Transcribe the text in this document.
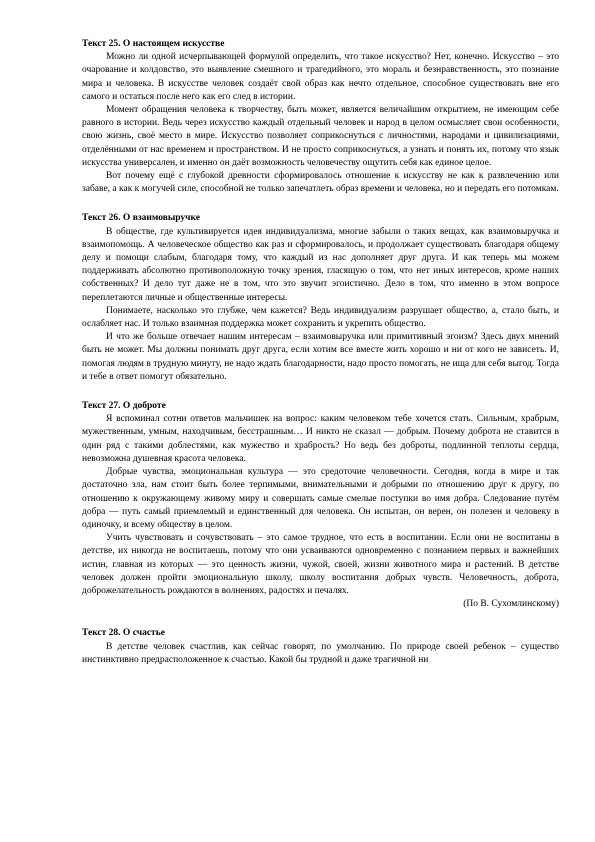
Текст 25. О настоящем искусстве

Можно ли одной исчерпывающей формулой определить, что такое искусство? Нет, конечно. Искусство – это очарование и колдовство, это выявление смешного и трагедийного, это мораль и безнравственность, это познание мира и человека. В искусстве человек создаёт свой образ как нечто отдельное, способное существовать вне его самого и остаться после него как его след в истории.

Момент обращения человека к творчеству, быть может, является величайшим открытием, не имеющим себе равного в истории. Ведь через искусство каждый отдельный человек и народ в целом осмысляет свои особенности, свою жизнь, своё место в мире. Искусство позволяет соприкоснуться с личностями, народами и цивилизациями, отделёнными от нас временем и пространством. И не просто соприкоснуться, а узнать и понять их, потому что язык искусства универсален, и именно он даёт возможность человечеству ощутить себя как единое целое.

Вот почему ещё с глубокой древности сформировалось отношение к искусству не как к развлечению или забаве, а как к могучей силе, способной не только запечатлеть образ времени и человека, но и передать его потомкам.

Текст 26. О взаимовыручке

В обществе, где культивируется идея индивидуализма, многие забыли о таких вещах, как взаимовыручка и взаимопомощь. А человеческое общество как раз и сформировалось, и продолжает существовать благодаря общему делу и помощи слабым, благодаря тому, что каждый из нас дополняет друг друга. И как теперь мы можем поддерживать абсолютно противоположную точку зрения, гласящую о том, что нет иных интересов, кроме наших собственных? И дело тут даже не в том, что это звучит эгоистично. Дело в том, что именно в этом вопросе переплетаются личные и общественные интересы.

Понимаете, насколько это глубже, чем кажется? Ведь индивидуализм разрушает общество, а, стало быть, и ослабляет нас. И только взаимная поддержка может сохранить и укрепить общество.

И что же больше отвечает нашим интересам – взаимовыручка или примитивный эгоизм? Здесь двух мнений быть не может. Мы должны понимать друг друга, если хотим все вместе жить хорошо и ни от кого не зависеть. И, помогая людям в трудную минуту, не надо ждать благодарности, надо просто помогать, не ища для себя выгод. Тогда и тебе в ответ помогут обязательно.

Текст 27. О доброте

Я вспоминал сотни ответов мальчишек на вопрос: каким человеком тебе хочется стать. Сильным, храбрым, мужественным, умным, находчивым, бесстрашным… И никто не сказал — добрым. Почему доброта не ставится в один ряд с такими доблестями, как мужество и храбрость? Но ведь без доброты, подлинной теплоты сердца, невозможна душевная красота человека.

Добрые чувства, эмоциональная культура — это средоточие человечности. Сегодня, когда в мире и так достаточно зла, нам стоит быть более терпимыми, внимательными и добрыми по отношению друг к другу, по отношению к окружающему живому миру и совершать самые смелые поступки во имя добра. Следование путём добра — путь самый приемлемый и единственный для человека. Он испытан, он верен, он полезен и человеку в одиночку, и всему обществу в целом.

Учить чувствовать и сочувствовать – это самое трудное, что есть в воспитании. Если они не воспитаны в детстве, их никогда не воспитаешь, потому что они усваиваются одновременно с познанием первых и важнейших истин, главная из которых — это ценность жизни, чужой, своей, жизни животного мира и растений. В детстве человек должен пройти эмоциональную школу, школу воспитания добрых чувств. Человечность, доброта, доброжелательность рождаются в волнениях, радостях и печалях.

(По В. Сухомлинскому)

Текст 28. О счастье

В детстве человек счастлив, как сейчас говорят, по умолчанию. По природе своей ребенок – существо инстинктивно предрасположенное к счастью. Какой бы трудной и даже трагичной ни
